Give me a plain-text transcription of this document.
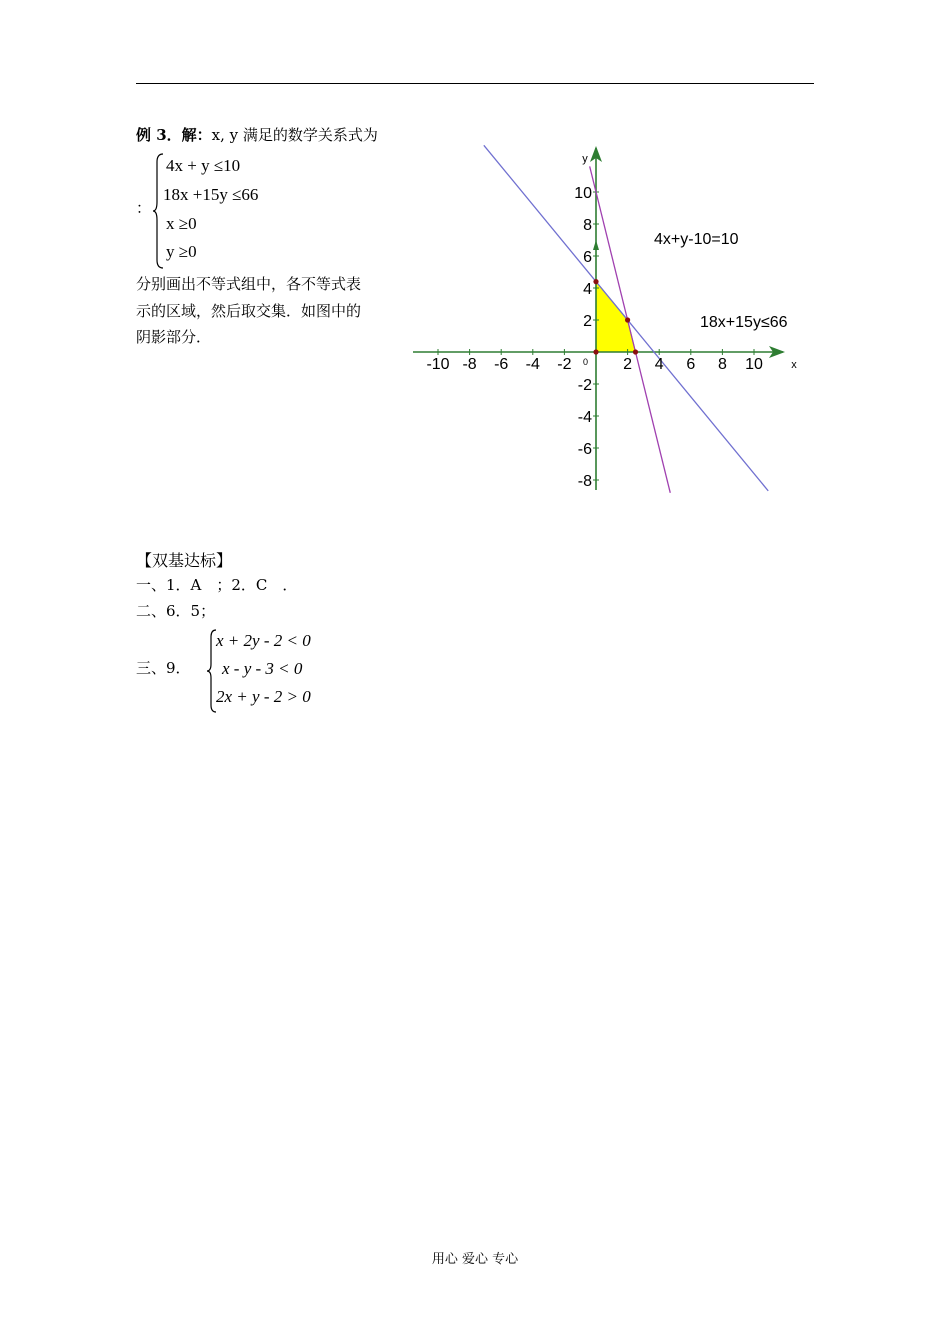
例 3．解：x, y 满足的数学关系式为
：
4x + y ≤10
18x +15y ≤66
x ≥0
y ≥0
分别画出不等式组中，各不等式表
示的区域，然后取交集．如图中的
阴影部分．
-10 -8 -6 -4 -2	2 4 6 8 10
10
8
6
4
2
-2
-4
-6
-8
0	x
y
4x+y-10=10
18x+15y≤66
【双基达标】
一、1．A　；2．C　．
二、6．5；
三、9．
x + 2y - 2 < 0
x - y - 3 < 0
2x + y - 2 > 0
用心 爱心 专心
